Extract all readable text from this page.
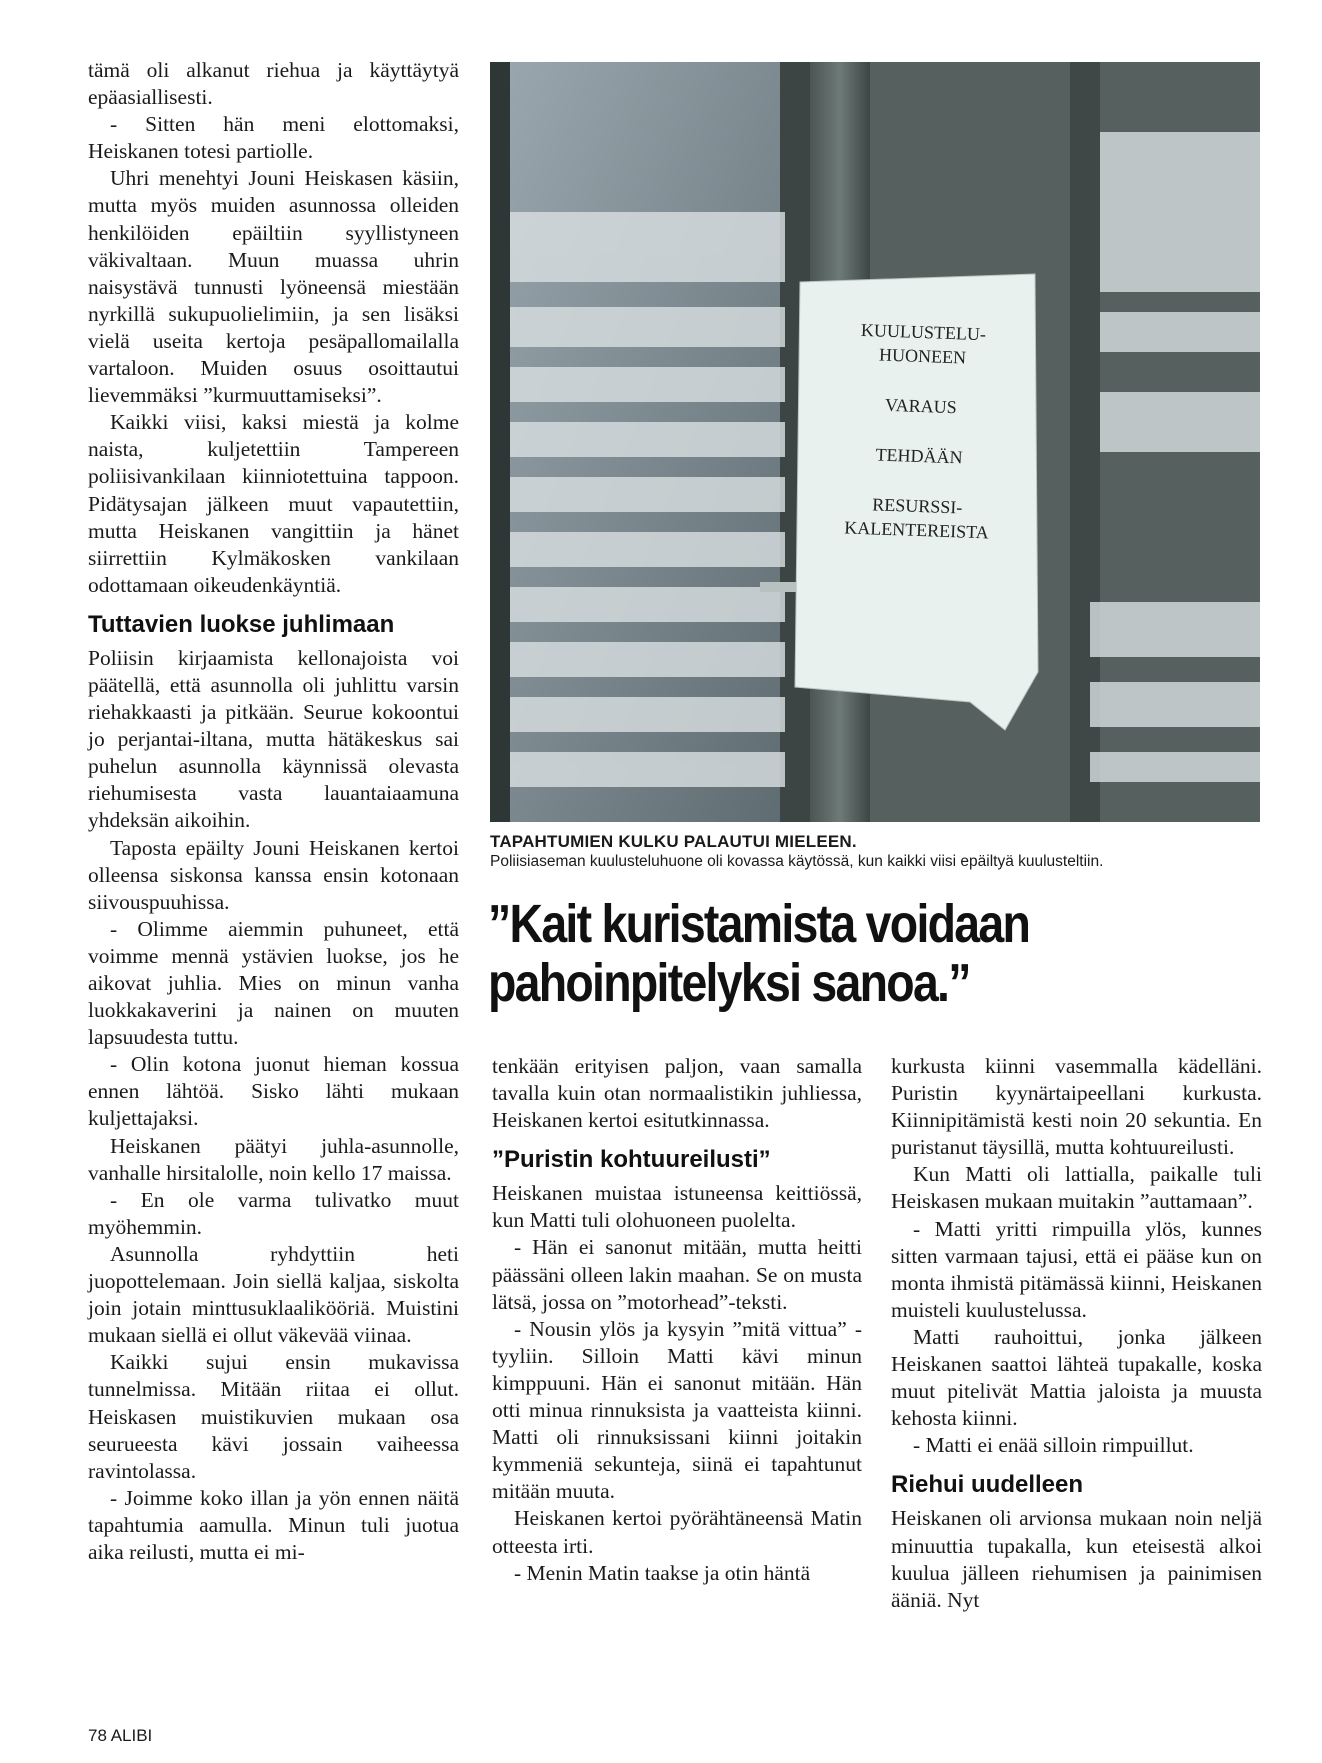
tämä oli alkanut riehua ja käyttäytyä epäasiallisesti.

- Sitten hän meni elottomaksi, Heiskanen totesi partiolle.

Uhri menehtyi Jouni Heiskasen käsiin, mutta myös muiden asunnossa olleiden henkilöiden epäiltiin syyllistyneen väkivaltaan. Muun muassa uhrin naisystävä tunnusti lyöneensä miestään nyrkillä sukupuolielimiin, ja sen lisäksi vielä useita kertoja pesäpallomailalla vartaloon. Muiden osuus osoittautui lievemmäksi ”kurmuuttamiseksi”.

Kaikki viisi, kaksi miestä ja kolme naista, kuljetettiin Tampereen poliisivankilaan kiinniotettuina tappoon. Pidätysajan jälkeen muut vapautettiin, mutta Heiskanen vangittiin ja hänet siirrettiin Kylmäkosken vankilaan odottamaan oikeudenkäyntiä.

Tuttavien luokse juhlimaan

Poliisin kirjaamista kellonajoista voi päätellä, että asunnolla oli juhlittu varsin riehakkaasti ja pitkään. Seurue kokoontui jo perjantai-iltana, mutta hätäkeskus sai puhelun asunnolla käynnissä olevasta riehumisesta vasta lauantaiaamuna yhdeksän aikoihin.

Taposta epäilty Jouni Heiskanen kertoi olleensa siskonsa kanssa ensin kotonaan siivouspuuhissa.

- Olimme aiemmin puhuneet, että voimme mennä ystävien luokse, jos he aikovat juhlia. Mies on minun vanha luokkakaverini ja nainen on muuten lapsuudesta tuttu.

- Olin kotona juonut hieman kossua ennen lähtöä. Sisko lähti mukaan kuljettajaksi.

Heiskanen päätyi juhla-asunnolle, vanhalle hirsitalolle, noin kello 17 maissa.

- En ole varma tulivatko muut myöhemmin.

Asunnolla ryhdyttiin heti juopottelemaan. Join siellä kaljaa, siskolta join jotain minttusuklaalikööriä. Muistini mukaan siellä ei ollut väkevää viinaa.

Kaikki sujui ensin mukavissa tunnelmissa. Mitään riitaa ei ollut. Heiskasen muistikuvien mukaan osa seurueesta kävi jossain vaiheessa ravintolassa.

- Joimme koko illan ja yön ennen näitä tapahtumia aamulla. Minun tuli juotua aika reilusti, mutta ei mi-

KUULUSTELU-
HUONEEN
VARAUS
TEHDÄÄN
RESURSSI-
KALENTEREISTA
TAPAHTUMIEN KULKU PALAUTUI MIELEEN.
Poliisiaseman kuulusteluhuone oli kovassa käytössä, kun kaikki viisi epäiltyä kuulusteltiin.
”Kait kuristamista voidaan pahoinpitelyksi sanoa.”

tenkään erityisen paljon, vaan samalla tavalla kuin otan normaalistikin juhliessa, Heiskanen kertoi esitutkinnassa.

”Puristin kohtuureilusti”

Heiskanen muistaa istuneensa keittiössä, kun Matti tuli olohuoneen puolelta.

- Hän ei sanonut mitään, mutta heitti päässäni olleen lakin maahan. Se on musta lätsä, jossa on ”motorhead”-teksti.

- Nousin ylös ja kysyin ”mitä vittua” -tyyliin. Silloin Matti kävi minun kimppuuni. Hän ei sanonut mitään. Hän otti minua rinnuksista ja vaatteista kiinni. Matti oli rinnuksissani kiinni joitakin kymmeniä sekunteja, siinä ei tapahtunut mitään muuta.

Heiskanen kertoi pyörähtäneensä Matin otteesta irti.

- Menin Matin taakse ja otin häntä

kurkusta kiinni vasemmalla kädelläni. Puristin kyynärtaipeellani kurkusta. Kiinnipitämistä kesti noin 20 sekuntia. En puristanut täysillä, mutta kohtuureilusti.

Kun Matti oli lattialla, paikalle tuli Heiskasen mukaan muitakin ”auttamaan”.

- Matti yritti rimpuilla ylös, kunnes sitten varmaan tajusi, että ei pääse kun on monta ihmistä pitämässä kiinni, Heiskanen muisteli kuulustelussa.

Matti rauhoittui, jonka jälkeen Heiskanen saattoi lähteä tupakalle, koska muut pitelivät Mattia jaloista ja muusta kehosta kiinni.

- Matti ei enää silloin rimpuillut.

Riehui uudelleen

Heiskanen oli arvionsa mukaan noin neljä minuuttia tupakalla, kun eteisestä alkoi kuulua jälleen riehumisen ja painimisen ääniä. Nyt

78 ALIBI
